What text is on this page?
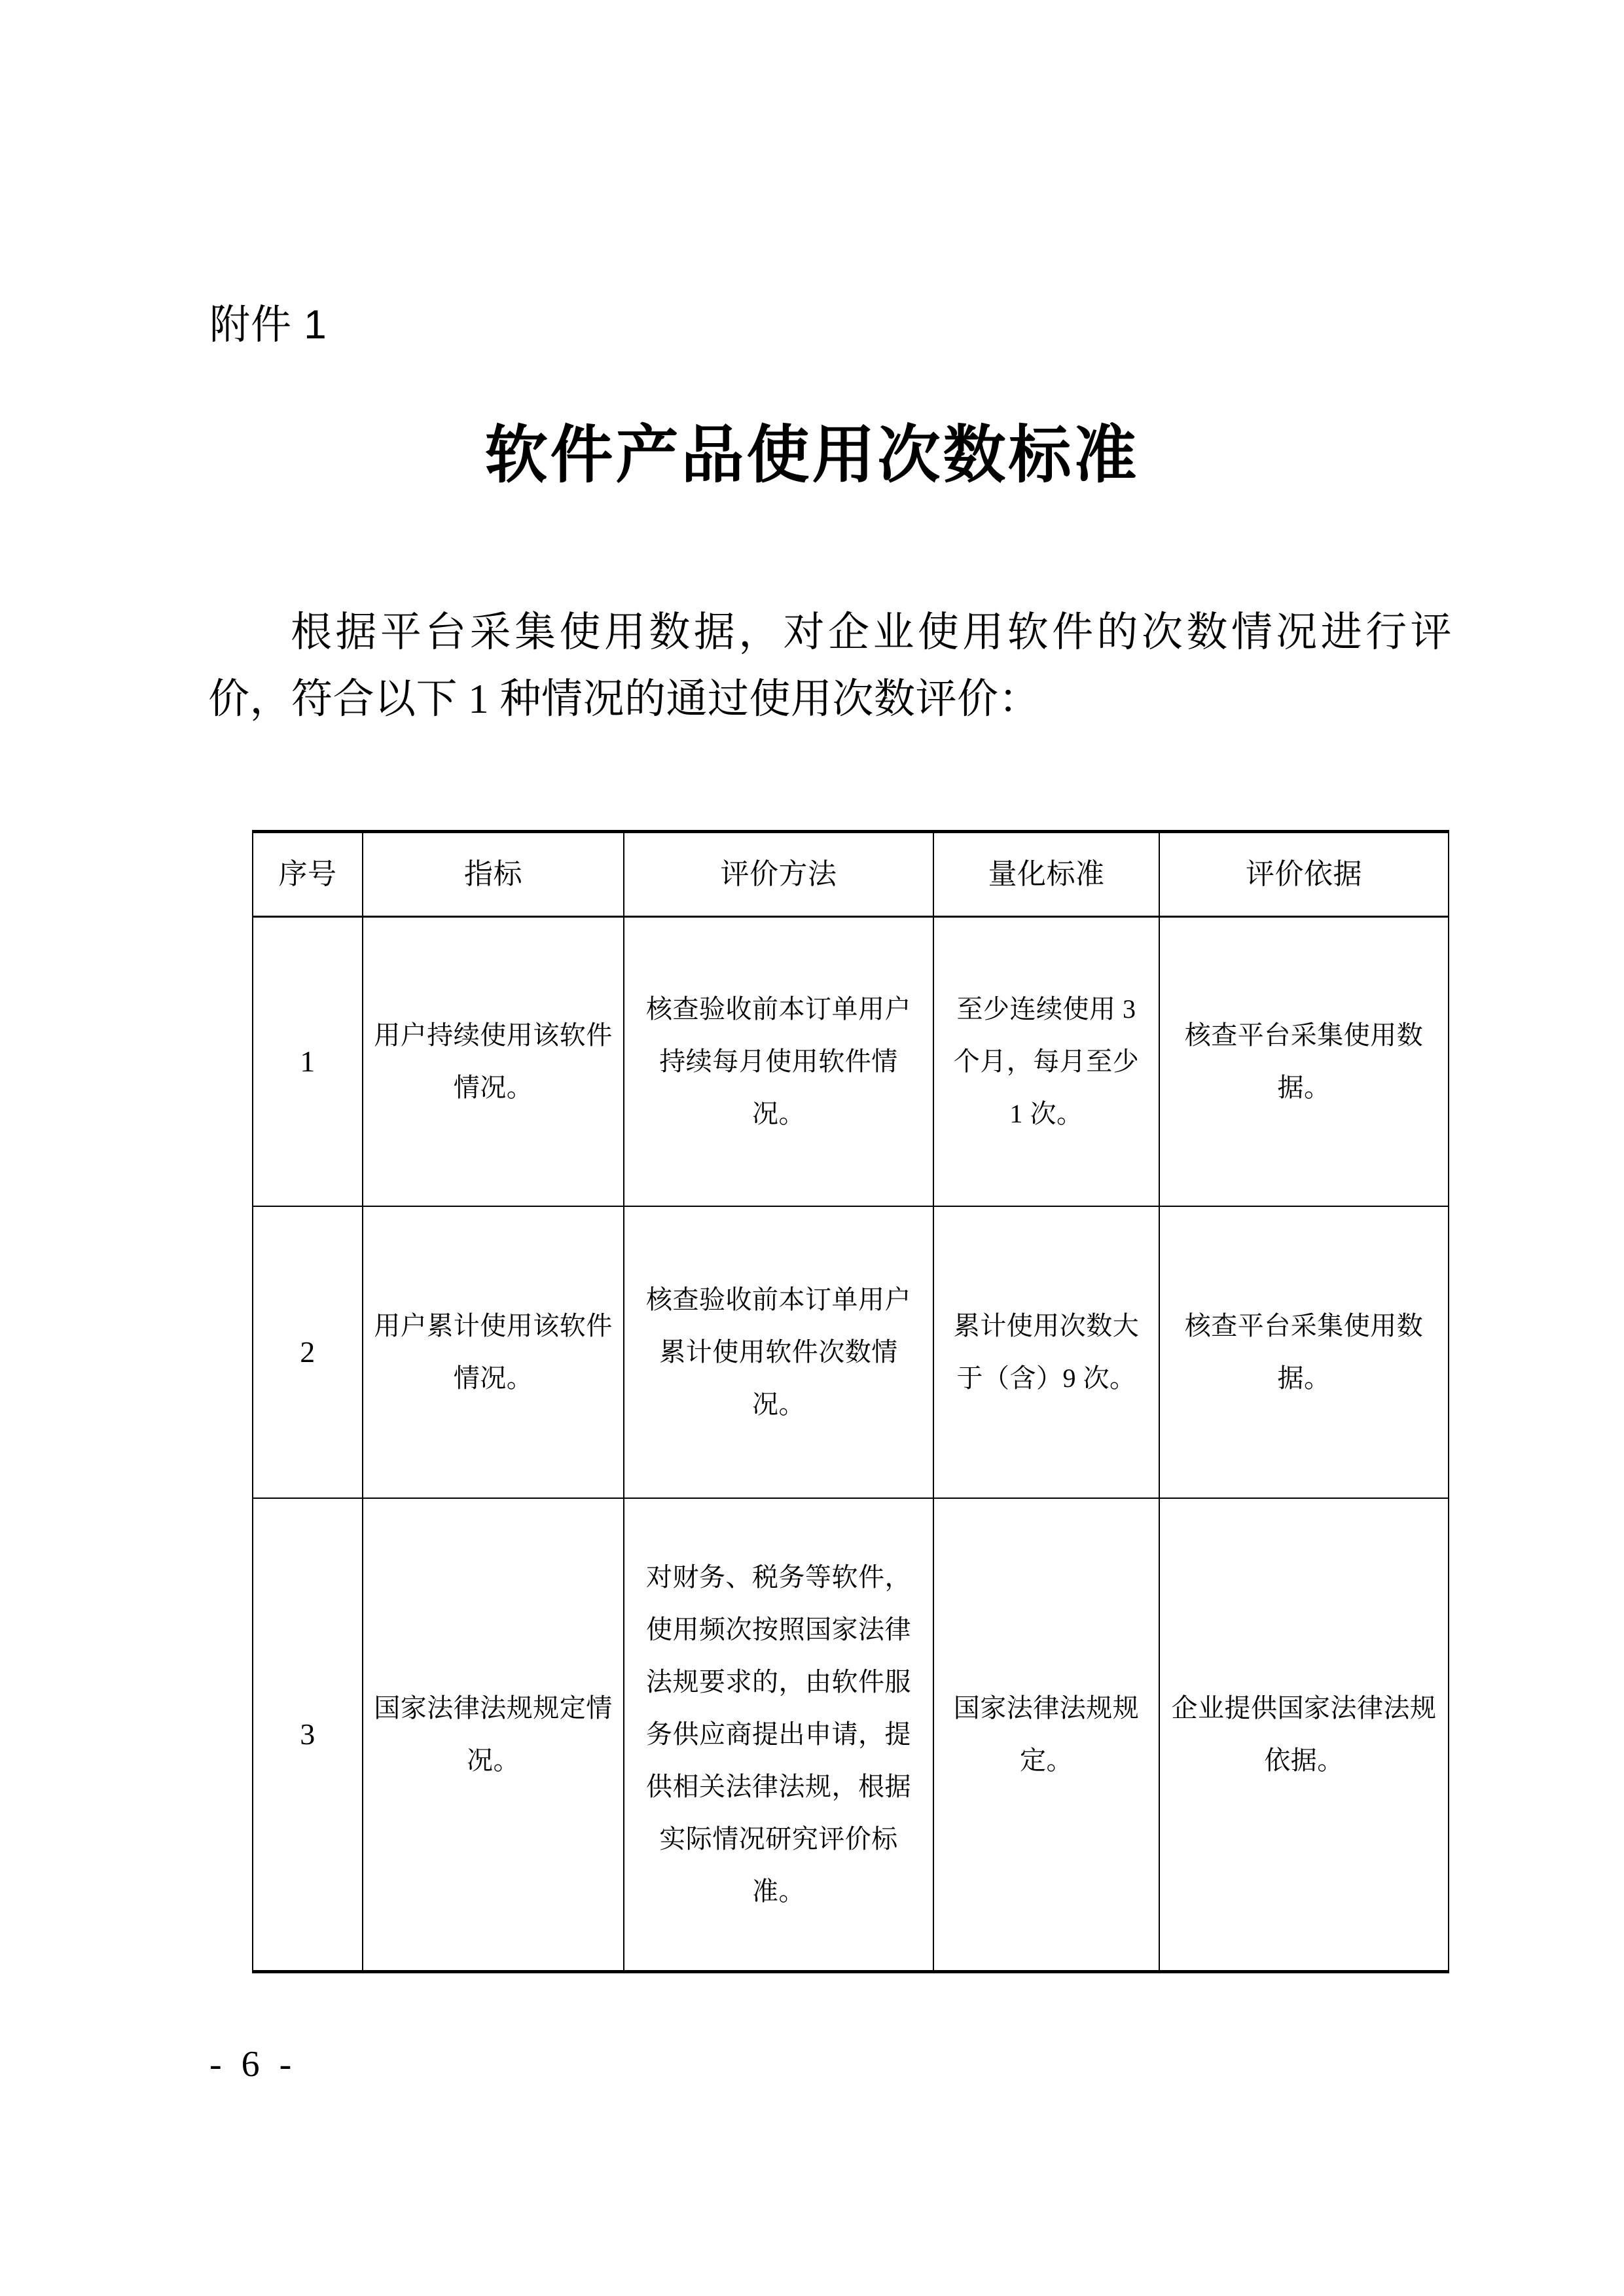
附件 1
软件产品使用次数标准
根据平台采集使用数据，对企业使用软件的次数情况进行评价，符合以下 1 种情况的通过使用次数评价：
序号	指标	评价方法	量化标准	评价依据
1	用户持续使用该软件情况。	核查验收前本订单用户持续每月使用软件情况。	至少连续使用 3 个月，每月至少 1 次。	核查平台采集使用数据。
2	用户累计使用该软件情况。	核查验收前本订单用户累计使用软件次数情况。	累计使用次数大于（含）9 次。	核查平台采集使用数据。
3	国家法律法规规定情况。	对财务、税务等软件，使用频次按照国家法律法规要求的，由软件服务供应商提出申请，提供相关法律法规，根据实际情况研究评价标准。	国家法律法规规定。	企业提供国家法律法规依据。
- 6 -
